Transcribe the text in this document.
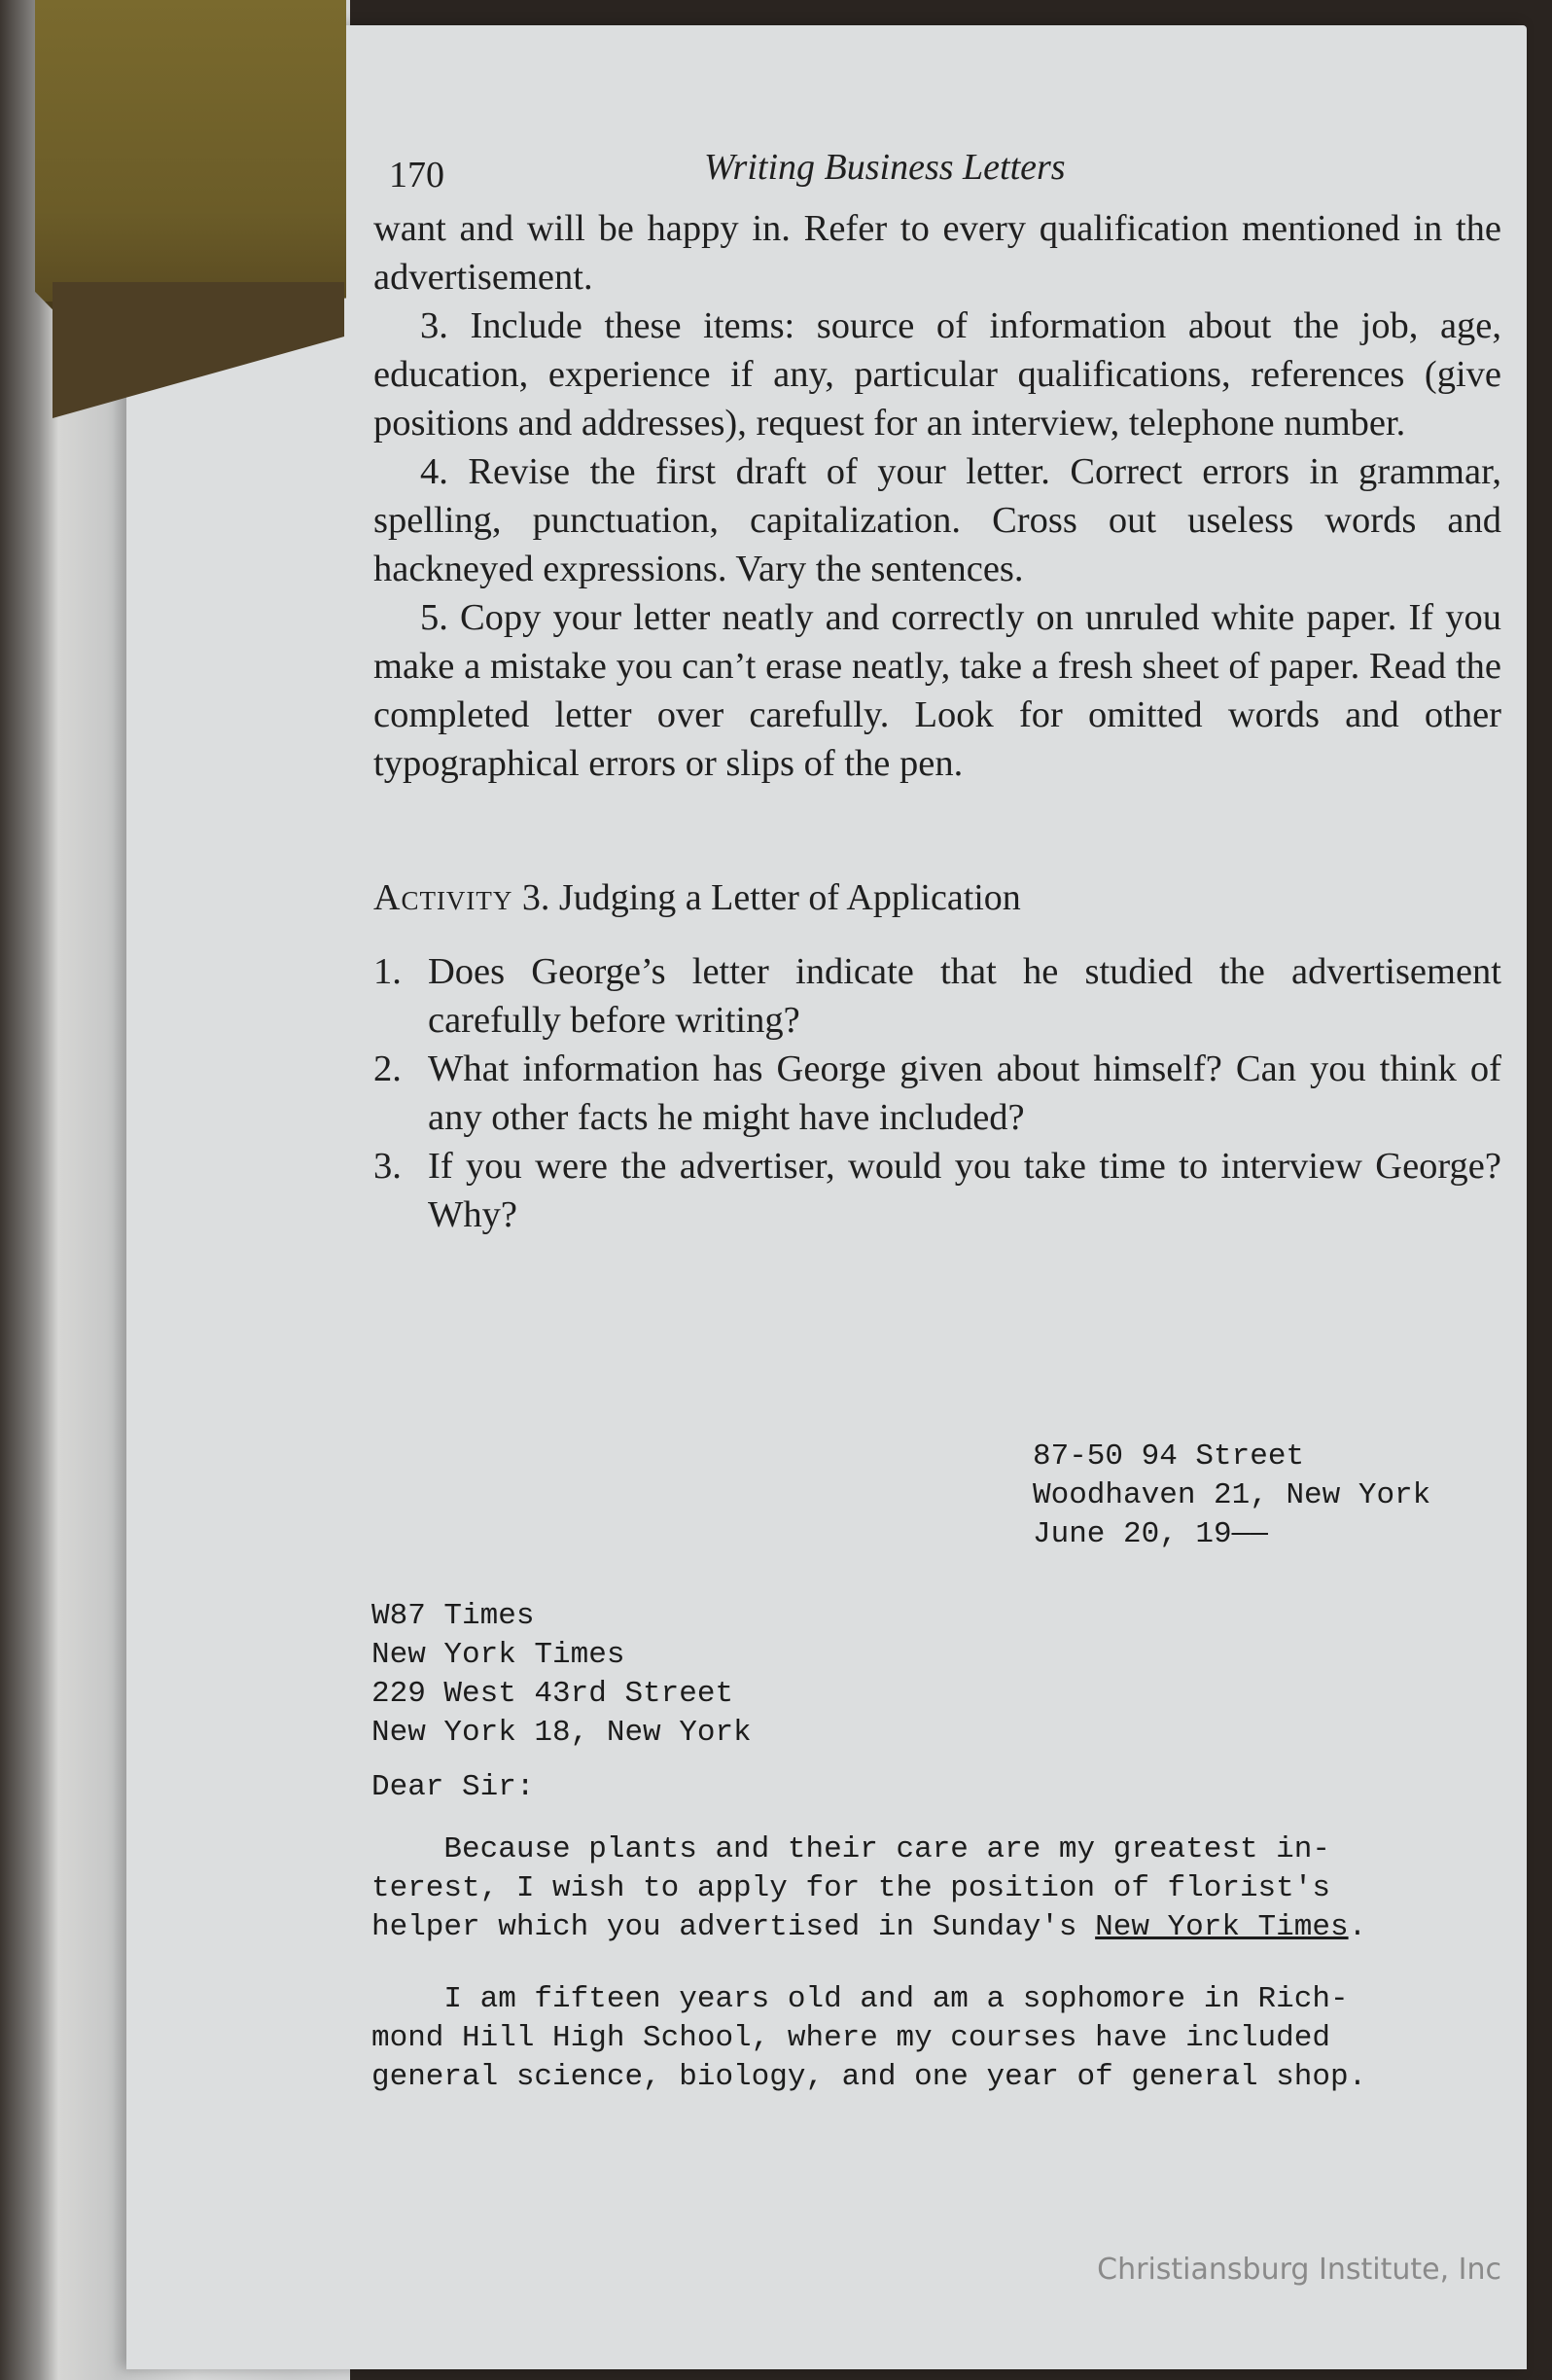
170	Writing Business Letters

want and will be happy in. Refer to every qualification mentioned in the advertisement.

3. Include these items: source of information about the job, age, education, experience if any, particular qualifications, references (give positions and addresses), request for an interview, telephone number.

4. Revise the first draft of your letter. Correct errors in grammar, spelling, punctuation, capitalization. Cross out useless words and hackneyed expressions. Vary the sentences.

5. Copy your letter neatly and correctly on unruled white paper. If you make a mistake you can’t erase neatly, take a fresh sheet of paper. Read the completed letter over carefully. Look for omitted words and other typographical errors or slips of the pen.

Activity 3. Judging a Letter of Application
1. Does George’s letter indicate that he studied the advertisement carefully before writing?
2. What information has George given about himself? Can you think of any other facts he might have included?
3. If you were the advertiser, would you take time to interview George? Why?
87-50 94 Street
Woodhaven 21, New York
June 20, 19——
W87 Times
New York Times
229 West 43rd Street
New York 18, New York
Dear Sir:
Because plants and their care are my greatest in-
terest, I wish to apply for the position of florist's
helper which you advertised in Sunday's New York Times.
I am fifteen years old and am a sophomore in Rich-
mond Hill High School, where my courses have included
general science, biology, and one year of general shop.
Christiansburg Institute, Inc
